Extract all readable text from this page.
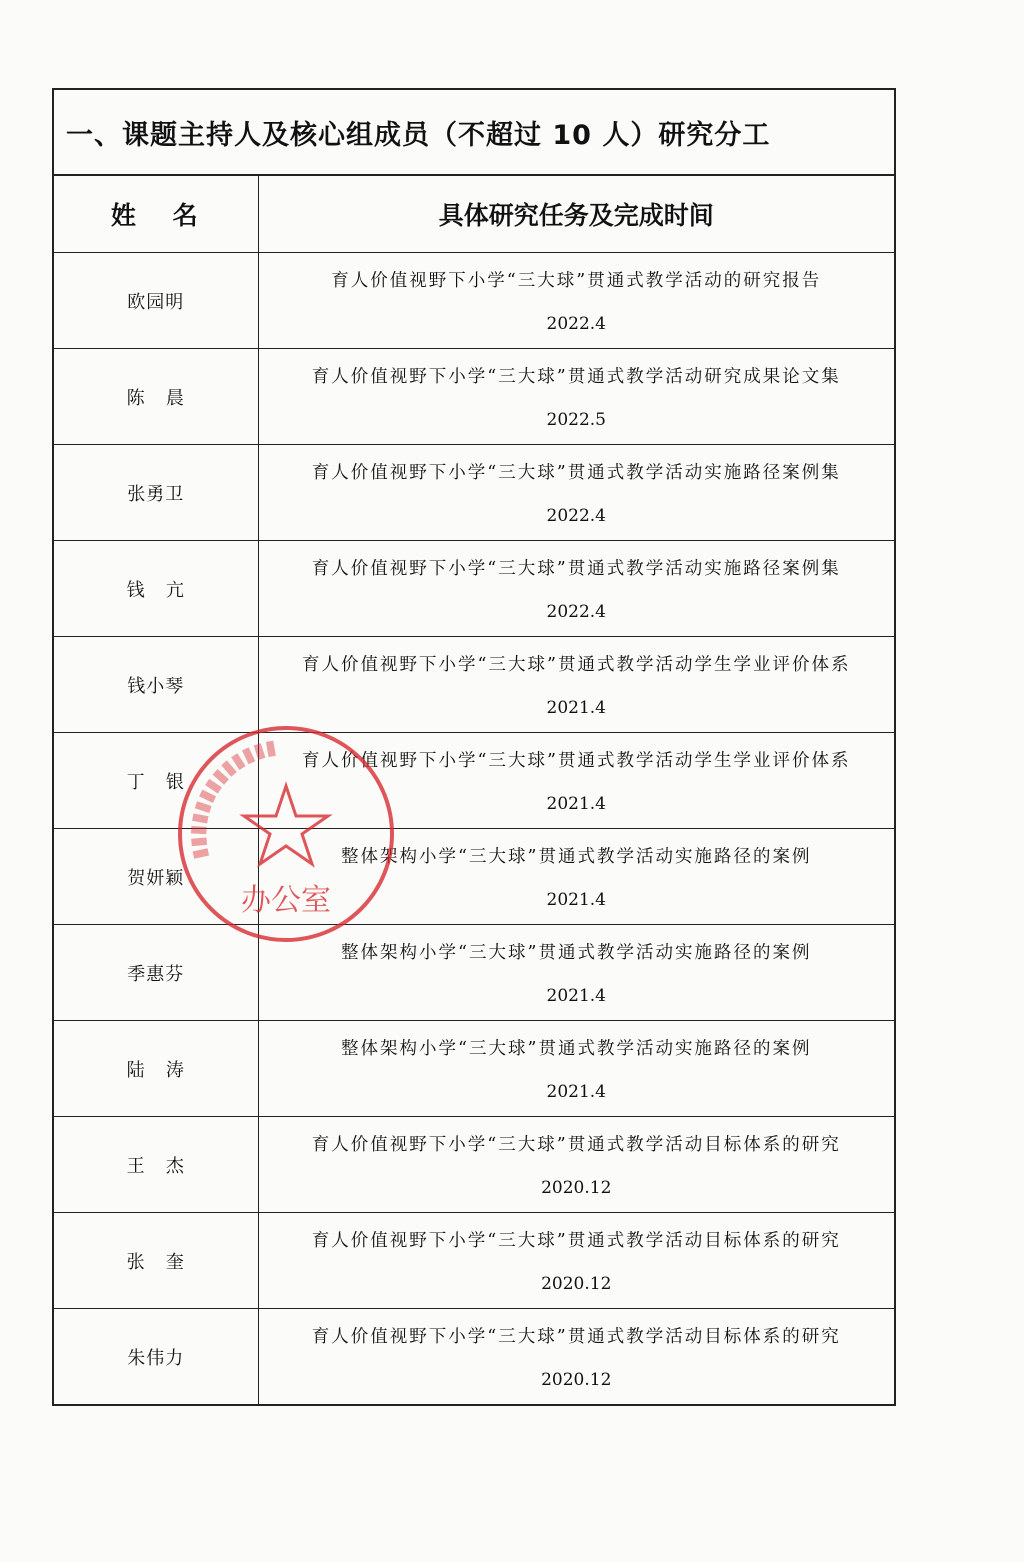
一、课题主持人及核心组成员（不超过 10 人）研究分工
姓 名	具体研究任务及完成时间
欧园明	育人价值视野下小学“三大球”贯通式教学活动的研究报告
2022.4

陈   晨	育人价值视野下小学“三大球”贯通式教学活动研究成果论文集
2022.5

张勇卫	育人价值视野下小学“三大球”贯通式教学活动实施路径案例集
2022.4

钱   亢	育人价值视野下小学“三大球”贯通式教学活动实施路径案例集
2022.4

钱小琴	育人价值视野下小学“三大球”贯通式教学活动学生学业评价体系
2021.4

丁   银	育人价值视野下小学“三大球”贯通式教学活动学生学业评价体系
2021.4

贺妍颖	整体架构小学“三大球”贯通式教学活动实施路径的案例
2021.4

季惠芬	整体架构小学“三大球”贯通式教学活动实施路径的案例
2021.4

陆   涛	整体架构小学“三大球”贯通式教学活动实施路径的案例
2021.4

王   杰	育人价值视野下小学“三大球”贯通式教学活动目标体系的研究
2020.12

张   奎	育人价值视野下小学“三大球”贯通式教学活动目标体系的研究
2020.12

朱伟力	育人价值视野下小学“三大球”贯通式教学活动目标体系的研究
2020.12
▮▮▮▮▮▮▮▮▮▮▮▮▮
办公室
